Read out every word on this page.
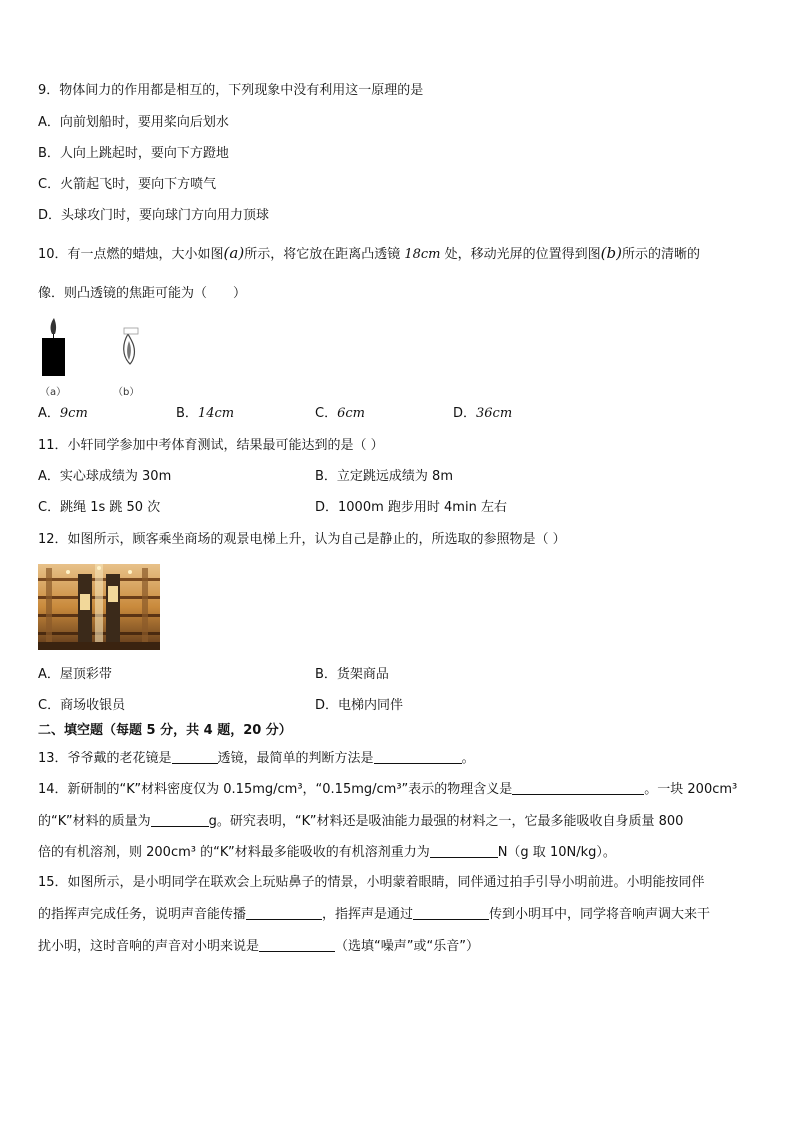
9．物体间力的作用都是相互的，下列现象中没有利用这一原理的是
A．向前划船时，要用桨向后划水
B．人向上跳起时，要向下方蹬地
C．火箭起飞时，要向下方喷气
D．头球攻门时，要向球门方向用力顶球
10．有一点燃的蜡烛，大小如图(a)所示，将它放在距离凸透镜 18cm 处，移动光屏的位置得到图(b)所示的清晰的
像．则凸透镜的焦距可能为（　　）
（a）	（b）
A．9cm	B．14cm	C．6cm	D．36cm
11．小轩同学参加中考体育测试，结果最可能达到的是（ ）
A．实心球成绩为 30m	B．立定跳远成绩为 8m
C．跳绳 1s 跳 50 次	D．1000m 跑步用时 4min 左右
12．如图所示，顾客乘坐商场的观景电梯上升，认为自己是静止的，所选取的参照物是（ ）
A．屋顶彩带	B．货架商品
C．商场收银员	D．电梯内同伴
二、填空题（每题 5 分，共 4 题，20 分）
13．爷爷戴的老花镜是	透镜，最简单的判断方法是	。
14．新研制的“K”材料密度仅为 0.15mg/cm³，“0.15mg/cm³”表示的物理含义是	。一块 200cm³
的“K”材料的质量为	g。研究表明，“K”材料还是吸油能力最强的材料之一，它最多能吸收自身质量 800
倍的有机溶剂，则 200cm³ 的“K”材料最多能吸收的有机溶剂重力为	N（g 取 10N/kg）。
15．如图所示，是小明同学在联欢会上玩贴鼻子的情景，小明蒙着眼睛，同伴通过拍手引导小明前进。小明能按同伴
的指挥声完成任务，说明声音能传播	，指挥声是通过	传到小明耳中，同学将音响声调大来干
扰小明，这时音响的声音对小明来说是	（选填“噪声”或“乐音”）
